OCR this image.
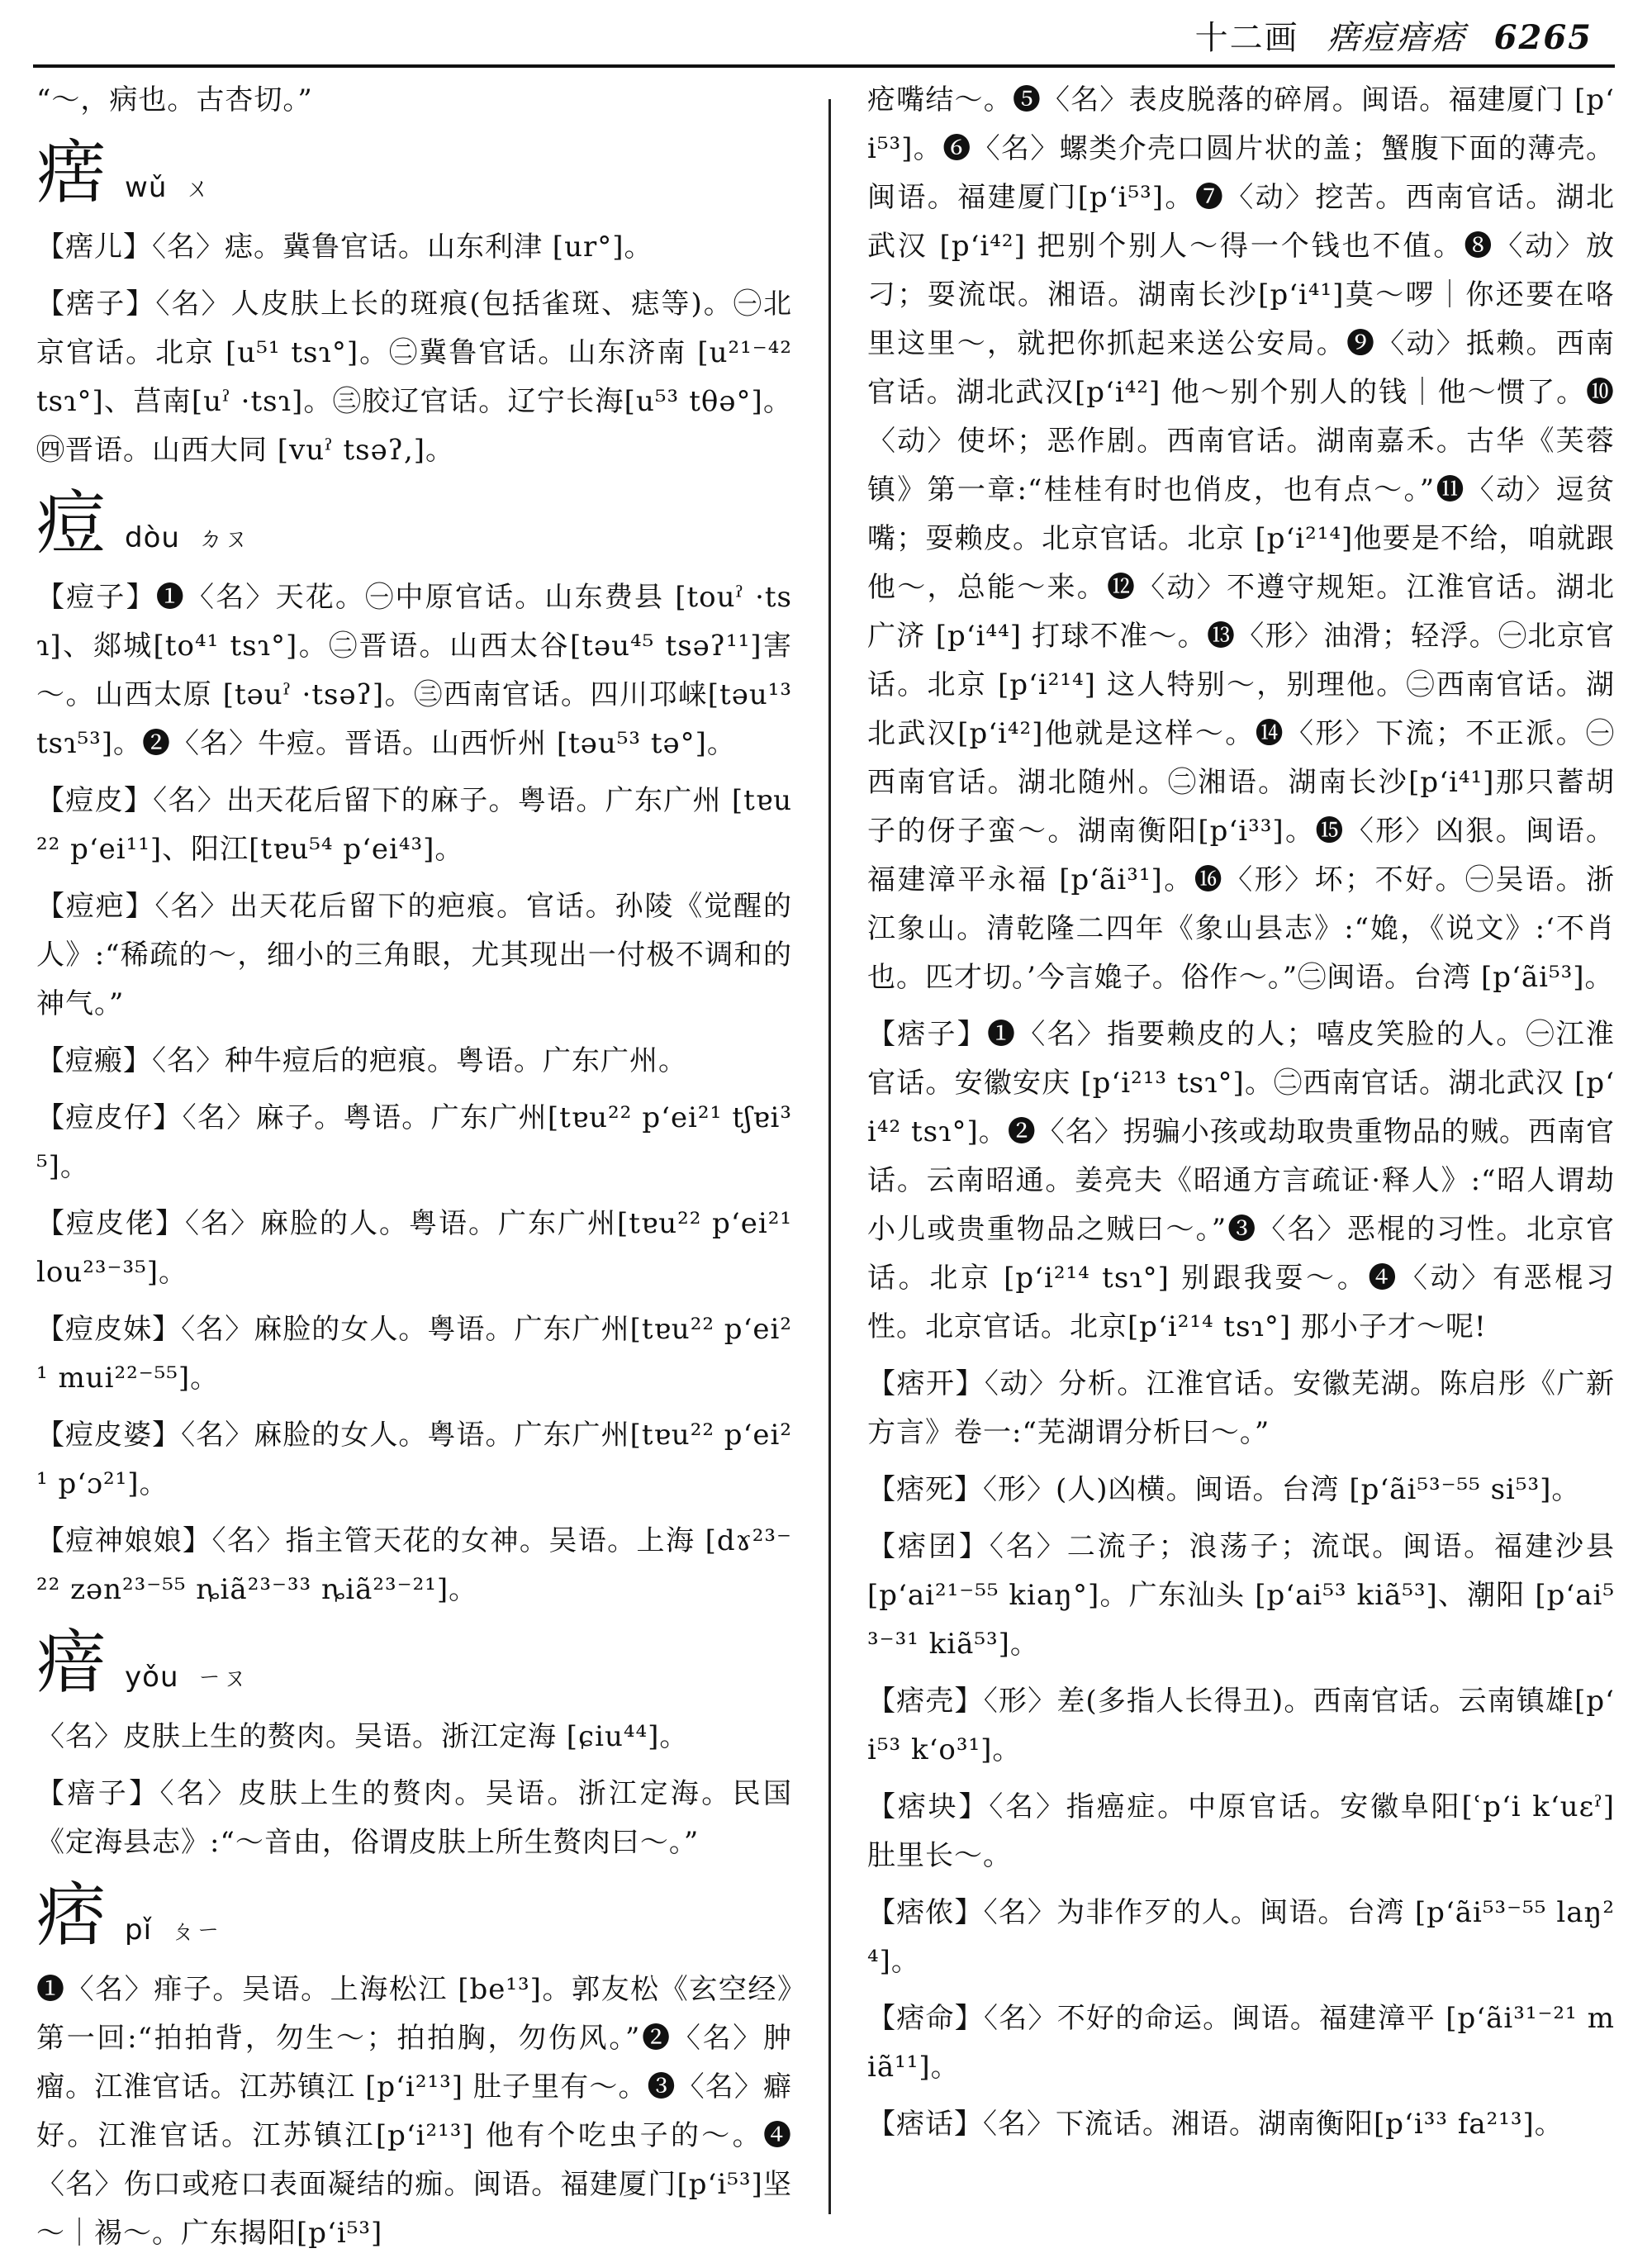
十二画 瘔痘瘖痞 6265

“～，病也。古杏切。”

瘔 wǔ ㄨ

【瘔儿】〈名〉痣。冀鲁官话。山东利津 [ur°]。

【瘔子】〈名〉人皮肤上长的斑痕(包括雀斑、痣等)。㊀北京官话。北京 [u⁵¹ tsɿ°]。㊁冀鲁官话。山东济南 [u²¹⁻⁴² tsɿ°]、莒南[uˀ ·tsɿ]。㊂胶辽官话。辽宁长海[u⁵³ tθə°]。㊃晋语。山西大同 [vuˀ tsəʔ,]。

痘 dòu ㄉㄡ

【痘子】❶〈名〉天花。㊀中原官话。山东费县 [touˀ ·tsɿ]、郯城[to⁴¹ tsɿ°]。㊁晋语。山西太谷[təu⁴⁵ tsəʔ¹¹]害～。山西太原 [təuˀ ·tsəʔ]。㊂西南官话。四川邛崃[təu¹³ tsɿ⁵³]。❷〈名〉牛痘。晋语。山西忻州 [təu⁵³ tə°]。

【痘皮】〈名〉出天花后留下的麻子。粤语。广东广州 [tɐu²² pʻei¹¹]、阳江[tɐu⁵⁴ pʻei⁴³]。

【痘疤】〈名〉出天花后留下的疤痕。官话。孙陵《觉醒的人》:“稀疏的～，细小的三角眼，尤其现出一付极不调和的神气。”

【痘瘢】〈名〉种牛痘后的疤痕。粤语。广东广州。

【痘皮仔】〈名〉麻子。粤语。广东广州[tɐu²² pʻei²¹ tʃɐi³⁵]。

【痘皮佬】〈名〉麻脸的人。粤语。广东广州[tɐu²² pʻei²¹ lou²³⁻³⁵]。

【痘皮妹】〈名〉麻脸的女人。粤语。广东广州[tɐu²² pʻei²¹ mui²²⁻⁵⁵]。

【痘皮婆】〈名〉麻脸的女人。粤语。广东广州[tɐu²² pʻei²¹ pʻɔ²¹]。

【痘神娘娘】〈名〉指主管天花的女神。吴语。上海 [dɤ²³⁻²² zən²³⁻⁵⁵ ȵiã²³⁻³³ ȵiã²³⁻²¹]。

瘖 yǒu ㄧㄡ

〈名〉皮肤上生的赘肉。吴语。浙江定海 [ɕiu⁴⁴]。

【瘖子】〈名〉皮肤上生的赘肉。吴语。浙江定海。民国《定海县志》:“～音由，俗谓皮肤上所生赘肉曰～。”

痞 pǐ ㄆㄧ

❶〈名〉痱子。吴语。上海松江 [be¹³]。郭友松《玄空经》第一回:“拍拍背，勿生～；拍拍胸，勿伤风。”❷〈名〉肿瘤。江淮官话。江苏镇江 [pʻi²¹³] 肚子里有～。❸〈名〉癖好。江淮官话。江苏镇江[pʻi²¹³] 他有个吃虫子的～。❹〈名〉伤口或疮口表面凝结的痂。闽语。福建厦门[pʻi⁵³]坚～｜裼～。广东揭阳[pʻi⁵³]

疮嘴结～。❺〈名〉表皮脱落的碎屑。闽语。福建厦门 [pʻi⁵³]。❻〈名〉螺类介壳口圆片状的盖；蟹腹下面的薄壳。闽语。福建厦门[pʻi⁵³]。❼〈动〉挖苦。西南官话。湖北武汉 [pʻi⁴²] 把别个别人～得一个钱也不值。❽〈动〉放刁；耍流氓。湘语。湖南长沙[pʻi⁴¹]莫～啰｜你还要在咯里这里～，就把你抓起来送公安局。❾〈动〉抵赖。西南官话。湖北武汉[pʻi⁴²] 他～别个别人的钱｜他～惯了。❿〈动〉使坏；恶作剧。西南官话。湖南嘉禾。古华《芙蓉镇》第一章:“桂桂有时也俏皮，也有点～。”⓫〈动〉逗贫嘴；耍赖皮。北京官话。北京 [pʻi²¹⁴]他要是不给，咱就跟他～，总能～来。⓬〈动〉不遵守规矩。江淮官话。湖北广济 [pʻi⁴⁴] 打球不准～。⓭〈形〉油滑；轻浮。㊀北京官话。北京 [pʻi²¹⁴] 这人特别～，别理他。㊁西南官话。湖北武汉[pʻi⁴²]他就是这样～。⓮〈形〉下流；不正派。㊀西南官话。湖北随州。㊁湘语。湖南长沙[pʻi⁴¹]那只蓄胡子的伢子蛮～。湖南衡阳[pʻi³³]。⓯〈形〉凶狠。闽语。福建漳平永福 [pʻãi³¹]。⓰〈形〉坏；不好。㊀吴语。浙江象山。清乾隆二四年《象山县志》:“嫓，《说文》:‘不肖也。匹才切。’今言嫓子。俗作～。”㊁闽语。台湾 [pʻãi⁵³]。

【痞子】❶〈名〉指要赖皮的人；嘻皮笑脸的人。㊀江淮官话。安徽安庆 [pʻi²¹³ tsɿ°]。㊁西南官话。湖北武汉 [pʻi⁴² tsɿ°]。❷〈名〉拐骗小孩或劫取贵重物品的贼。西南官话。云南昭通。姜亮夫《昭通方言疏证·释人》:“昭人谓劫小儿或贵重物品之贼曰～。”❸〈名〉恶棍的习性。北京官话。北京 [pʻi²¹⁴ tsɿ°] 别跟我耍～。❹〈动〉有恶棍习性。北京官话。北京[pʻi²¹⁴ tsɿ°] 那小子才～呢!

【痞开】〈动〉分析。江淮官话。安徽芜湖。陈启彤《广新方言》卷一:“芜湖谓分析曰～。”

【痞死】〈形〉(人)凶横。闽语。台湾 [pʻãi⁵³⁻⁵⁵ si⁵³]。

【痞囝】〈名〉二流子；浪荡子；流氓。闽语。福建沙县 [pʻai²¹⁻⁵⁵ kiaŋ°]。广东汕头 [pʻai⁵³ kiã⁵³]、潮阳 [pʻai⁵³⁻³¹ kiã⁵³]。

【痞壳】〈形〉差(多指人长得丑)。西南官话。云南镇雄[pʻi⁵³ kʻo³¹]。

【痞块】〈名〉指癌症。中原官话。安徽阜阳[ʿpʻi kʻuɛˀ] 肚里长～。

【痞侬】〈名〉为非作歹的人。闽语。台湾 [pʻãi⁵³⁻⁵⁵ laŋ²⁴]。

【痞命】〈名〉不好的命运。闽语。福建漳平 [pʻãi³¹⁻²¹ miã¹¹]。

【痞话】〈名〉下流话。湘语。湖南衡阳[pʻi³³ fa²¹³]。
